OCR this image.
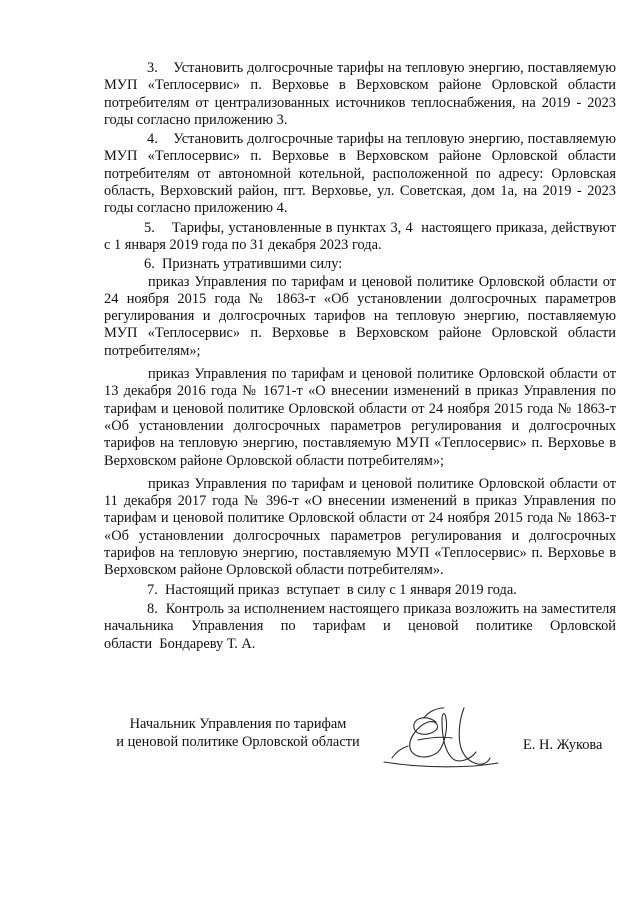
3.    Установить долгосрочные тарифы на тепловую энергию, поставляемую МУП «Теплосервис» п. Верховье в Верховском районе Орловской области потребителям от централизованных источников теплоснабжения, на 2019 - 2023 годы согласно приложению 3.

4.    Установить долгосрочные тарифы на тепловую энергию, поставляемую МУП «Теплосервис» п. Верховье в Верховском районе Орловской области потребителям от автономной котельной, расположенной по адресу: Орловская область, Верховский район, пгт. Верховье, ул. Советская, дом 1а, на 2019 - 2023 годы согласно приложению 4.

5.    Тарифы, установленные в пунктах 3, 4  настоящего приказа, действуют с 1 января 2019 года по 31 декабря 2023 года.

6.  Признать утратившими силу:

приказ Управления по тарифам и ценовой политике Орловской области от 24 ноября 2015 года № 1863-т «Об установлении долгосрочных параметров регулирования и долгосрочных тарифов на тепловую энергию, поставляемую МУП «Теплосервис» п. Верховье в Верховском районе Орловской области потребителям»;

приказ Управления по тарифам и ценовой политике Орловской области от 13 декабря 2016 года № 1671-т «О внесении изменений в приказ Управления по тарифам и ценовой политике Орловской области от 24 ноября 2015 года № 1863-т «Об установлении долгосрочных параметров регулирования и долгосрочных тарифов на тепловую энергию, поставляемую МУП «Теплосервис» п. Верховье в Верховском районе Орловской области потребителям»;

приказ Управления по тарифам и ценовой политике Орловской области от 11 декабря 2017 года № 396-т «О внесении изменений в приказ Управления по тарифам и ценовой политике Орловской области от 24 ноября 2015 года № 1863-т «Об установлении долгосрочных параметров регулирования и долгосрочных тарифов на тепловую энергию, поставляемую МУП «Теплосервис» п. Верховье в Верховском районе Орловской области потребителям».

7.  Настоящий приказ  вступает  в силу с 1 января 2019 года.

8.  Контроль за исполнением настоящего приказа возложить на заместителя начальника Управления по тарифам и ценовой политике Орловской области  Бондареву Т. А.

Начальник Управления по тарифам
и ценовой политике Орловской области	Е. Н. Жукова
